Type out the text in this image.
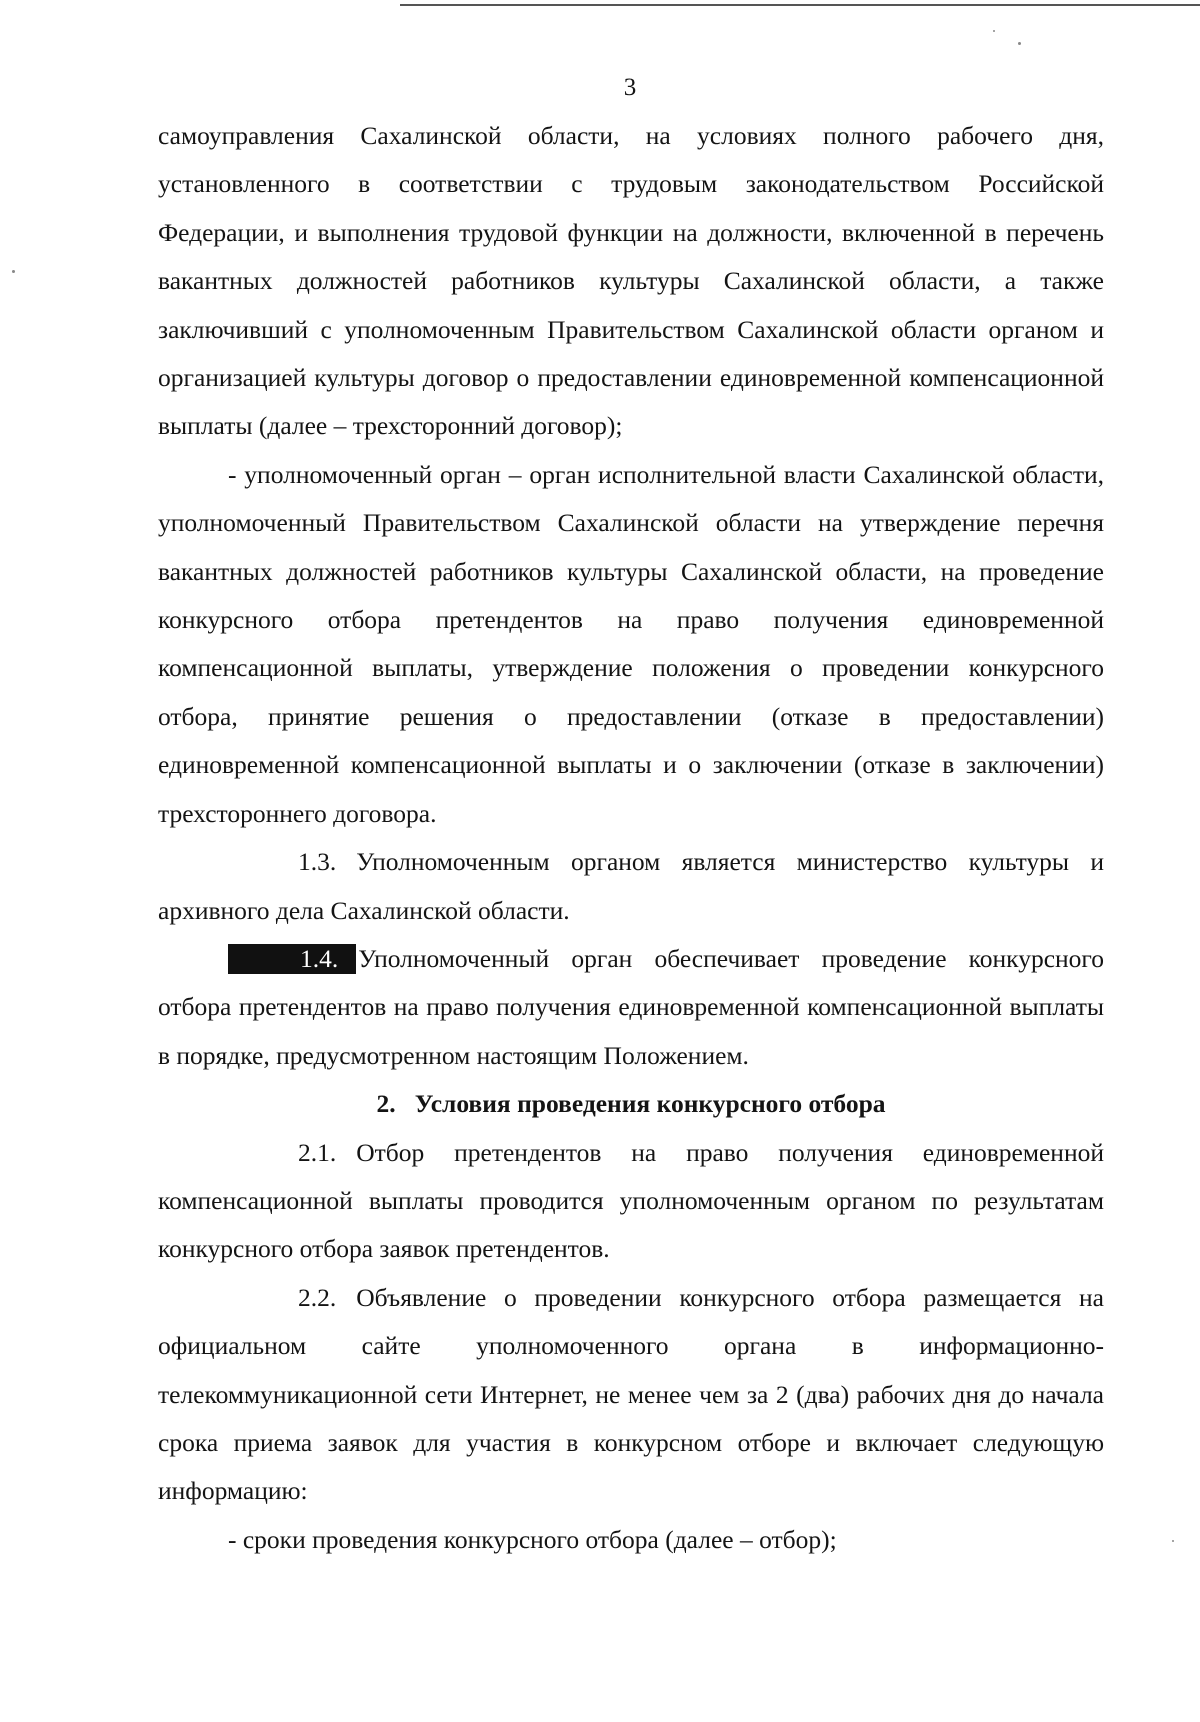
3

самоуправления Сахалинской области, на условиях полного рабочего дня, установленного в соответствии с трудовым законодательством Российской Федерации, и выполнения трудовой функции на должности, включенной в перечень вакантных должностей работников культуры Сахалинской области, а также заключивший с уполномоченным Правительством Сахалинской области органом и организацией культуры договор о предоставлении единовременной компенсационной выплаты (далее – трехсторонний договор);

- уполномоченный орган – орган исполнительной власти Сахалинской области, уполномоченный Правительством Сахалинской области на утверждение перечня вакантных должностей работников культуры Сахалинской области, на проведение конкурсного отбора претендентов на право получения единовременной компенсационной выплаты, утверждение положения о проведении конкурсного отбора, принятие решения о предоставлении (отказе в предоставлении) единовременной компенсационной выплаты и о заключении (отказе в заключении) трехстороннего договора.

1.3. Уполномоченным органом является министерство культуры и архивного дела Сахалинской области.

1.4. Уполномоченный орган обеспечивает проведение конкурсного отбора претендентов на право получения единовременной компенсационной выплаты в порядке, предусмотренном настоящим Положением.

2. Условия проведения конкурсного отбора

2.1. Отбор претендентов на право получения единовременной компенсационной выплаты проводится уполномоченным органом по результатам конкурсного отбора заявок претендентов.

2.2. Объявление о проведении конкурсного отбора размещается на официальном сайте уполномоченного органа в информационно-телекоммуникационной сети Интернет, не менее чем за 2 (два) рабочих дня до начала срока приема заявок для участия в конкурсном отборе и включает следующую информацию:

- сроки проведения конкурсного отбора (далее – отбор);
